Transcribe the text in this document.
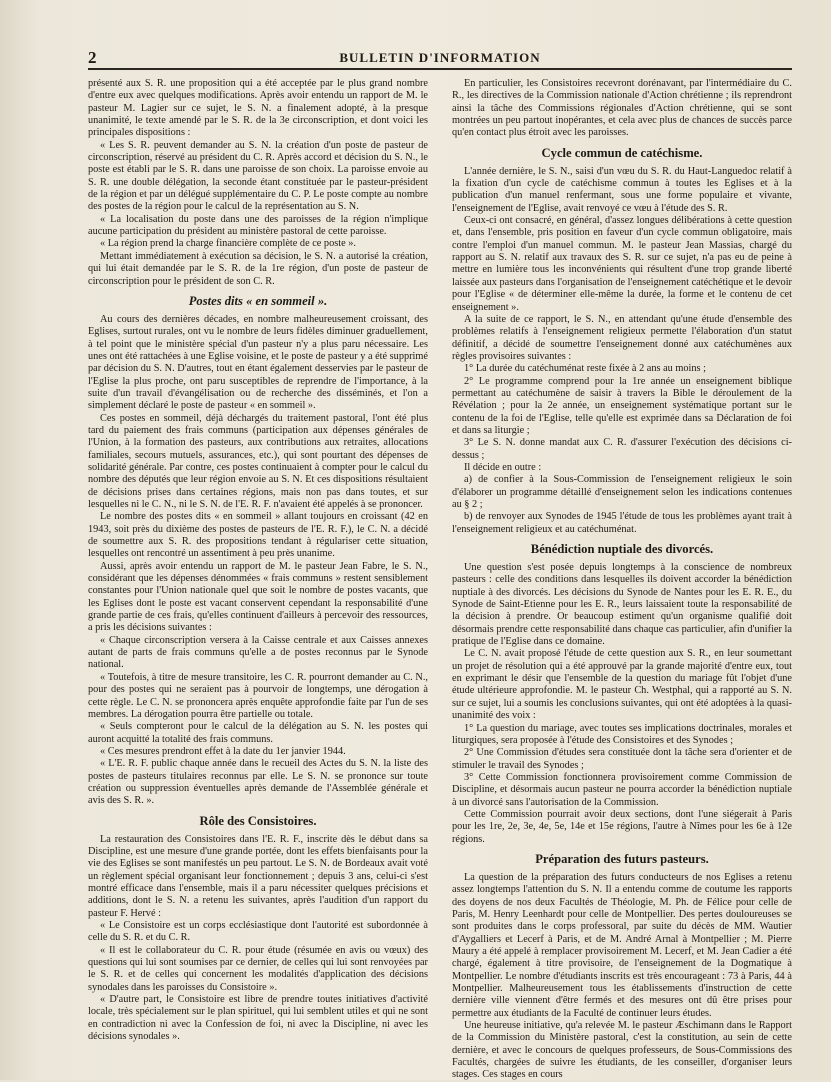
2	BULLETIN D'INFORMATION

présenté aux S. R. une proposition qui a été acceptée par le plus grand nombre d'entre eux avec quelques modifications. Après avoir entendu un rapport de M. le pasteur M. Lagier sur ce sujet, le S. N. a finalement adopté, à la presque unanimité, le texte amendé par le S. R. de la 3e circonscription, et dont voici les principales dispositions :

« Les S. R. peuvent demander au S. N. la création d'un poste de pasteur de circonscription, réservé au président du C. R. Après accord et décision du S. N., le poste est établi par le S. R. dans une paroisse de son choix. La paroisse envoie au S. R. une double délégation, la seconde étant constituée par le pasteur-président de la région et par un délégué supplémentaire du C. P. Le poste compte au nombre des postes de la région pour le calcul de la représentation au S. N.

« La localisation du poste dans une des paroisses de la région n'implique aucune participation du président au ministère pastoral de cette paroisse.

« La région prend la charge financière complète de ce poste ».

Mettant immédiatement à exécution sa décision, le S. N. a autorisé la création, qui lui était demandée par le S. R. de la 1re région, d'un poste de pasteur de circonscription pour le président de son C. R.

Postes dits « en sommeil ».

Au cours des dernières décades, en nombre malheureusement croissant, des Eglises, surtout rurales, ont vu le nombre de leurs fidèles diminuer graduellement, à tel point que le ministère spécial d'un pasteur n'y a plus paru nécessaire. Les unes ont été rattachées à une Eglise voisine, et le poste de pasteur y a été supprimé par décision du S. N. D'autres, tout en étant également desservies par le pasteur de l'Eglise la plus proche, ont paru susceptibles de reprendre de l'importance, à la suite d'un travail d'évangélisation ou de recherche des disséminés, et l'on a simplement déclaré le poste de pasteur « en sommeil ».

Ces postes en sommeil, déjà déchargés du traitement pastoral, l'ont été plus tard du paiement des frais communs (participation aux dépenses générales de l'Union, à la formation des pasteurs, aux contributions aux retraites, allocations familiales, secours mutuels, assurances, etc.), qui sont pourtant des dépenses de solidarité générale. Par contre, ces postes continuaient à compter pour le calcul du nombre des députés que leur région envoie au S. N. Et ces dispositions résultaient de décisions prises dans certaines régions, mais non pas dans toutes, et sur lesquelles ni le C. N., ni le S. N. de l'E. R. F. n'avaient été appelés à se prononcer.

Le nombre des postes dits « en sommeil » allant toujours en croissant (42 en 1943, soit près du dixième des postes de pasteurs de l'E. R. F.), le C. N. a décidé de soumettre aux S. R. des propositions tendant à régulariser cette situation, lesquelles ont rencontré un assentiment à peu près unanime.

Aussi, après avoir entendu un rapport de M. le pasteur Jean Fabre, le S. N., considérant que les dépenses dénommées « frais communs » restent sensiblement constantes pour l'Union nationale quel que soit le nombre de postes vacants, que les Eglises dont le poste est vacant conservent cependant la responsabilité d'une grande partie de ces frais, qu'elles continuent d'ailleurs à percevoir des ressources, a pris les décisions suivantes :

« Chaque circonscription versera à la Caisse centrale et aux Caisses annexes autant de parts de frais communs qu'elle a de postes reconnus par le Synode national.

« Toutefois, à titre de mesure transitoire, les C. R. pourront demander au C. N., pour des postes qui ne seraient pas à pourvoir de longtemps, une dérogation à cette règle. Le C. N. se prononcera après enquête approfondie faite par l'un de ses membres. La dérogation pourra être partielle ou totale.

« Seuls compteront pour le calcul de la délégation au S. N. les postes qui auront acquitté la totalité des frais communs.

« Ces mesures prendront effet à la date du 1er janvier 1944.

« L'E. R. F. public chaque année dans le recueil des Actes du S. N. la liste des postes de pasteurs titulaires reconnus par elle. Le S. N. se prononce sur toute création ou suppression éventuelles après demande de l'Assemblée générale et avis des S. R. ».

Rôle des Consistoires.

La restauration des Consistoires dans l'E. R. F., inscrite dès le début dans sa Discipline, est une mesure d'une grande portée, dont les effets bienfaisants pour la vie des Eglises se sont manifestés un peu partout. Le S. N. de Bordeaux avait voté un règlement spécial organisant leur fonctionnement ; depuis 3 ans, celui-ci s'est montré efficace dans l'ensemble, mais il a paru nécessiter quelques précisions et additions, dont le S. N. a retenu les suivantes, après l'audition d'un rapport du pasteur F. Hervé :

« Le Consistoire est un corps ecclésiastique dont l'autorité est subordonnée à celle du S. R. et du C. R.

« Il est le collaborateur du C. R. pour étude (résumée en avis ou vœux) des questions qui lui sont soumises par ce dernier, de celles qui lui sont renvoyées par le S. R. et de celles qui concernent les modalités d'application des décisions synodales dans les paroisses du Consistoire ».

« D'autre part, le Consistoire est libre de prendre toutes initiatives d'activité locale, très spécialement sur le plan spirituel, qui lui semblent utiles et qui ne sont en contradiction ni avec la Confession de foi, ni avec la Discipline, ni avec les décisions synodales ».

En particulier, les Consistoires recevront dorénavant, par l'intermédiaire du C. R., les directives de la Commission nationale d'Action chrétienne ; ils reprendront ainsi la tâche des Commissions régionales d'Action chrétienne, qui se sont montrées un peu partout inopérantes, et cela avec plus de chances de succès parce qu'en contact plus étroit avec les paroisses.

Cycle commun de catéchisme.

L'année dernière, le S. N., saisi d'un vœu du S. R. du Haut-Languedoc relatif à la fixation d'un cycle de catéchisme commun à toutes les Eglises et à la publication d'un manuel renfermant, sous une forme populaire et vivante, l'enseignement de l'Eglise, avait renvoyé ce vœu à l'étude des S. R.

Ceux-ci ont consacré, en général, d'assez longues délibérations à cette question et, dans l'ensemble, pris position en faveur d'un cycle commun obligatoire, mais contre l'emploi d'un manuel commun. M. le pasteur Jean Massias, chargé du rapport au S. N. relatif aux travaux des S. R. sur ce sujet, n'a pas eu de peine à mettre en lumière tous les inconvénients qui résultent d'une trop grande liberté laissée aux pasteurs dans l'organisation de l'enseignement catéchétique et le devoir pour l'Eglise « de déterminer elle-même la durée, la forme et le contenu de cet enseignement ».

A la suite de ce rapport, le S. N., en attendant qu'une étude d'ensemble des problèmes relatifs à l'enseignement religieux permette l'élaboration d'un statut définitif, a décidé de soumettre l'enseignement donné aux catéchumènes aux règles provisoires suivantes :

1° La durée du catéchuménat reste fixée à 2 ans au moins ;

2° Le programme comprend pour la 1re année un enseignement biblique permettant au catéchumène de saisir à travers la Bible le déroulement de la Révélation ; pour la 2e année, un enseignement systématique portant sur le contenu de la foi de l'Eglise, telle qu'elle est exprimée dans sa Déclaration de foi et dans sa liturgie ;

3° Le S. N. donne mandat aux C. R. d'assurer l'exécution des décisions ci-dessus ;

Il décide en outre :

a) de confier à la Sous-Commission de l'enseignement religieux le soin d'élaborer un programme détaillé d'enseignement selon les indications contenues au § 2 ;

b) de renvoyer aux Synodes de 1945 l'étude de tous les problèmes ayant trait à l'enseignement religieux et au catéchuménat.

Bénédiction nuptiale des divorcés.

Une question s'est posée depuis longtemps à la conscience de nombreux pasteurs : celle des conditions dans lesquelles ils doivent accorder la bénédiction nuptiale à des divorcés. Les décisions du Synode de Nantes pour les E. R. E., du Synode de Saint-Etienne pour les E. R., leurs laissaient toute la responsabilité de la décision à prendre. Or beaucoup estiment qu'un organisme qualifié doit désormais prendre cette responsabilité dans chaque cas particulier, afin d'unifier la pratique de l'Eglise dans ce domaine.

Le C. N. avait proposé l'étude de cette question aux S. R., en leur soumettant un projet de résolution qui a été approuvé par la grande majorité d'entre eux, tout en exprimant le désir que l'ensemble de la question du mariage fût l'objet d'une étude ultérieure approfondie. M. le pasteur Ch. Westphal, qui a rapporté au S. N. sur ce sujet, lui a soumis les conclusions suivantes, qui ont été adoptées à la quasi-unanimité des voix :

1° La question du mariage, avec toutes ses implications doctrinales, morales et liturgiques, sera proposée à l'étude des Consistoires et des Synodes ;

2° Une Commission d'études sera constituée dont la tâche sera d'orienter et de stimuler le travail des Synodes ;

3° Cette Commission fonctionnera provisoirement comme Commission de Discipline, et désormais aucun pasteur ne pourra accorder la bénédiction nuptiale à un divorcé sans l'autorisation de la Commission.

Cette Commission pourrait avoir deux sections, dont l'une siégerait à Paris pour les 1re, 2e, 3e, 4e, 5e, 14e et 15e régions, l'autre à Nîmes pour les 6e à 12e régions.

Préparation des futurs pasteurs.

La question de la préparation des futurs conducteurs de nos Eglises a retenu assez longtemps l'attention du S. N. Il a entendu comme de coutume les rapports des doyens de nos deux Facultés de Théologie, M. Ph. de Félice pour celle de Paris, M. Henry Leenhardt pour celle de Montpellier. Des pertes douloureuses se sont produites dans le corps professoral, par suite du décès de MM. Wautier d'Aygalliers et Lecerf à Paris, et de M. André Arnal à Montpellier ; M. Pierre Maury a été appelé à remplacer provisoirement M. Lecerf, et M. Jean Cadier a été chargé, également à titre provisoire, de l'enseignement de la Dogmatique à Montpellier. Le nombre d'étudiants inscrits est très encourageant : 73 à Paris, 44 à Montpellier. Malheureusement tous les établissements d'instruction de cette dernière ville viennent d'être fermés et des mesures ont dû être prises pour permettre aux étudiants de la Faculté de continuer leurs études.

Une heureuse initiative, qu'a relevée M. le pasteur Æschimann dans le Rapport de la Commission du Ministère pastoral, c'est la constitution, au sein de cette dernière, et avec le concours de quelques professeurs, de Sous-Commissions des Facultés, chargées de suivre les étudiants, de les conseiller, d'organiser leurs stages. Ces stages en cours
